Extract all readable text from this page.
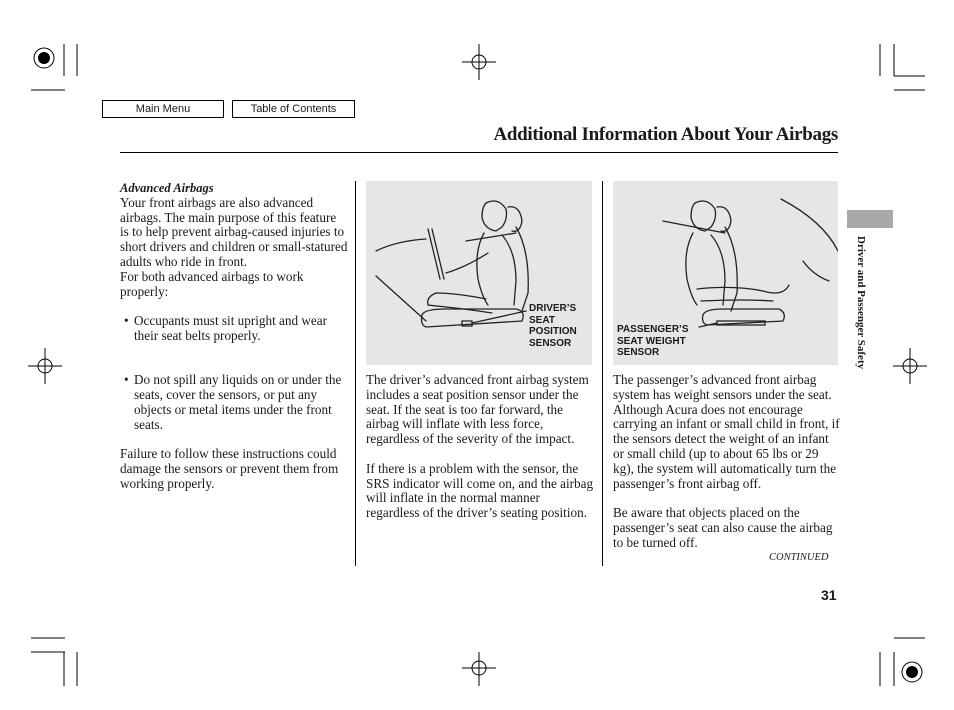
Main Menu	Table of Contents
Additional Information About Your Airbags

Advanced Airbags

Your front airbags are also advanced airbags. The main purpose of this feature is to help prevent airbag-caused injuries to short drivers and children or small-statured adults who ride in front.

For both advanced airbags to work properly:

• Occupants must sit upright and wear their seat belts properly.

• Do not spill any liquids on or under the seats, cover the sensors, or put any objects or metal items under the front seats.

Failure to follow these instructions could damage the sensors or prevent them from working properly.

DRIVER’S
SEAT
POSITION
SENSOR

The driver’s advanced front airbag system includes a seat position sensor under the seat. If the seat is too far forward, the airbag will inflate with less force, regardless of the severity of the impact.

If there is a problem with the sensor, the SRS indicator will come on, and the airbag will inflate in the normal manner regardless of the driver’s seating position.

PASSENGER’S
SEAT WEIGHT
SENSOR

The passenger’s advanced front airbag system has weight sensors under the seat. Although Acura does not encourage carrying an infant or small child in front, if the sensors detect the weight of an infant or small child (up to about 65 lbs or 29 kg), the system will automatically turn the passenger’s front airbag off.

Be aware that objects placed on the passenger’s seat can also cause the airbag to be turned off.

CONTINUED
31
Driver and Passenger Safety
